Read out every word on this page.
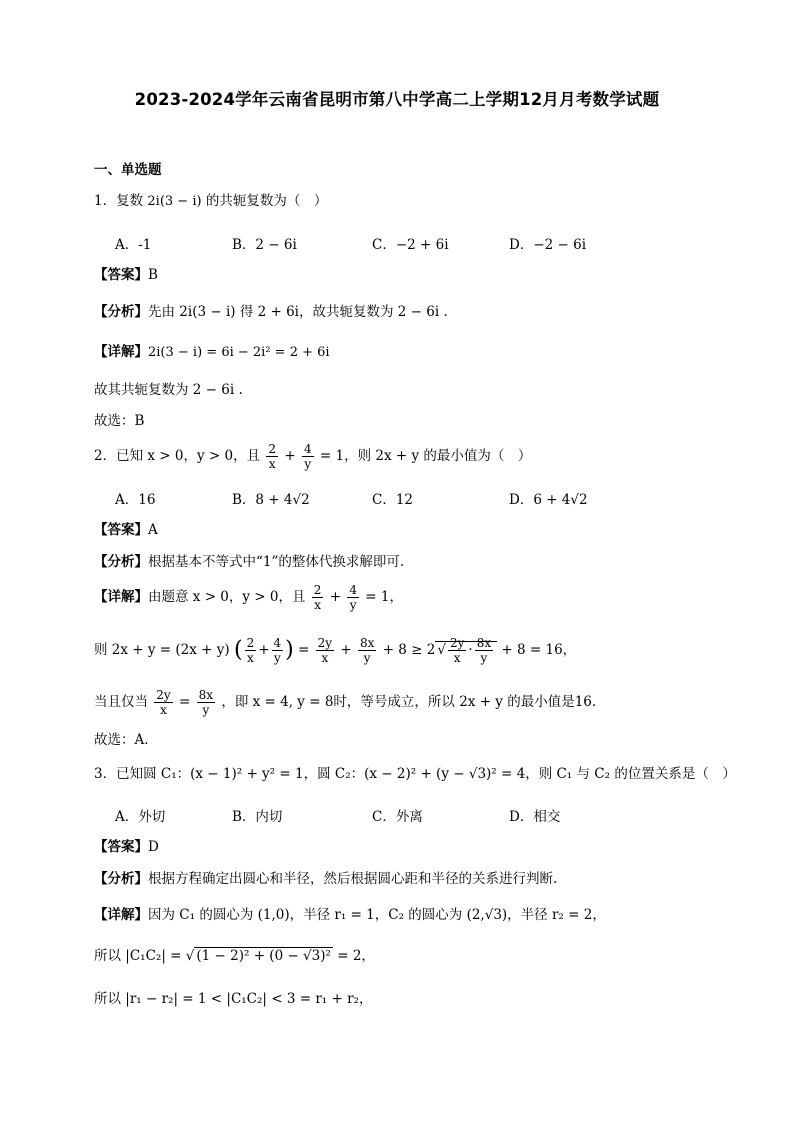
2023-2024学年云南省昆明市第八中学高二上学期12月月考数学试题
一、单选题
1．复数 2i(3 − i) 的共轭复数为（　）
A．-1	B．2 − 6i	C．−2 + 6i	D．−2 − 6i
【答案】B
【分析】先由 2i(3 − i) 得 2 + 6i，故共轭复数为 2 − 6i .
【详解】2i(3 − i) = 6i − 2i² = 2 + 6i
故其共轭复数为 2 − 6i .
故选：B
2．已知 x > 0，y > 0，且 $\frac{2}{x} + \frac{4}{y} = 1$，则 2x + y 的最小值为（　）
A．16	B．8 + 4√2	C．12	D．6 + 4√2
【答案】A
【分析】根据基本不等式中“1”的整体代换求解即可.
【详解】由题意 x > 0，y > 0，且 $\frac{2}{x} + \frac{4}{y} = 1$，
则 2x + y = (2x + y) ( $\frac{2}{x} + \frac{4}{y}$ ) = $\frac{2y}{x} + \frac{8x}{y} + 8 \ge 2$ √ $\frac{2y}{x} \cdot \frac{8x}{y} + 8 = 16$，
当且仅当 $\frac{2y}{x} = \frac{8x}{y}$ ，即 x = 4, y = 8时，等号成立，所以 2x + y 的最小值是16.
故选：A.
3．已知圆 C₁：(x − 1)² + y² = 1，圆 C₂：(x − 2)² + (y − √3)² = 4，则 C₁ 与 C₂ 的位置关系是（　）
A．外切	B．内切	C．外离	D．相交
【答案】D
【分析】根据方程确定出圆心和半径，然后根据圆心距和半径的关系进行判断.
【详解】因为 C₁ 的圆心为 (1,0)，半径 r₁ = 1，C₂ 的圆心为 (2,√3)，半径 r₂ = 2，
所以 |C₁C₂| = √ (1 − 2)² + (0 − √3)² = 2，
所以 |r₁ − r₂| = 1 < |C₁C₂| < 3 = r₁ + r₂，
